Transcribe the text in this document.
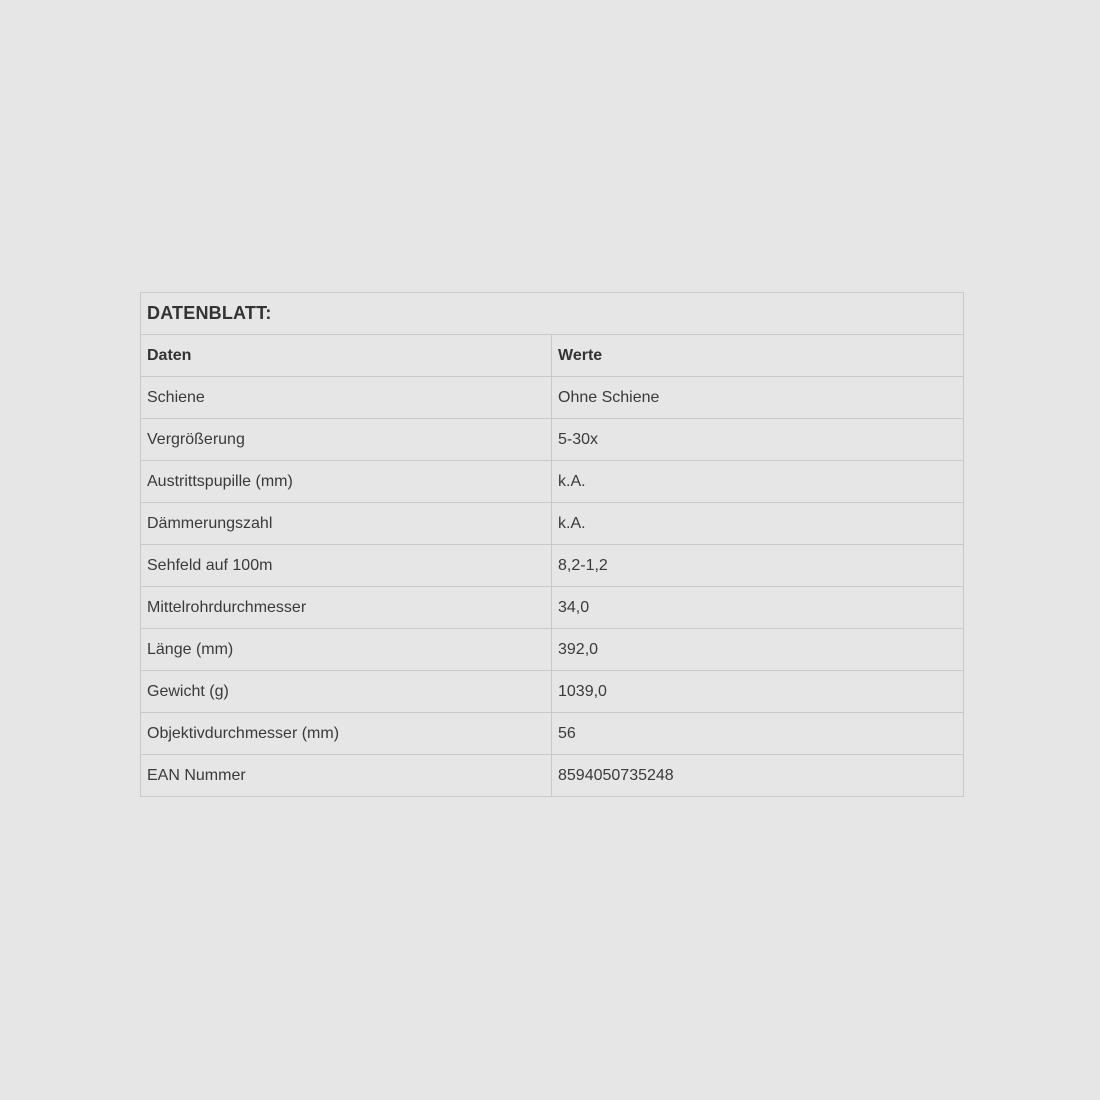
DATENBLATT:	
Daten	Werte
Schiene	Ohne Schiene
Vergrößerung	5-30x
Austrittspupille (mm)	k.A.
Dämmerungszahl	k.A.
Sehfeld auf 100m	8,2-1,2
Mittelrohrdurchmesser	34,0
Länge (mm)	392,0
Gewicht (g)	1039,0
Objektivdurchmesser (mm)	56
EAN Nummer	8594050735248
